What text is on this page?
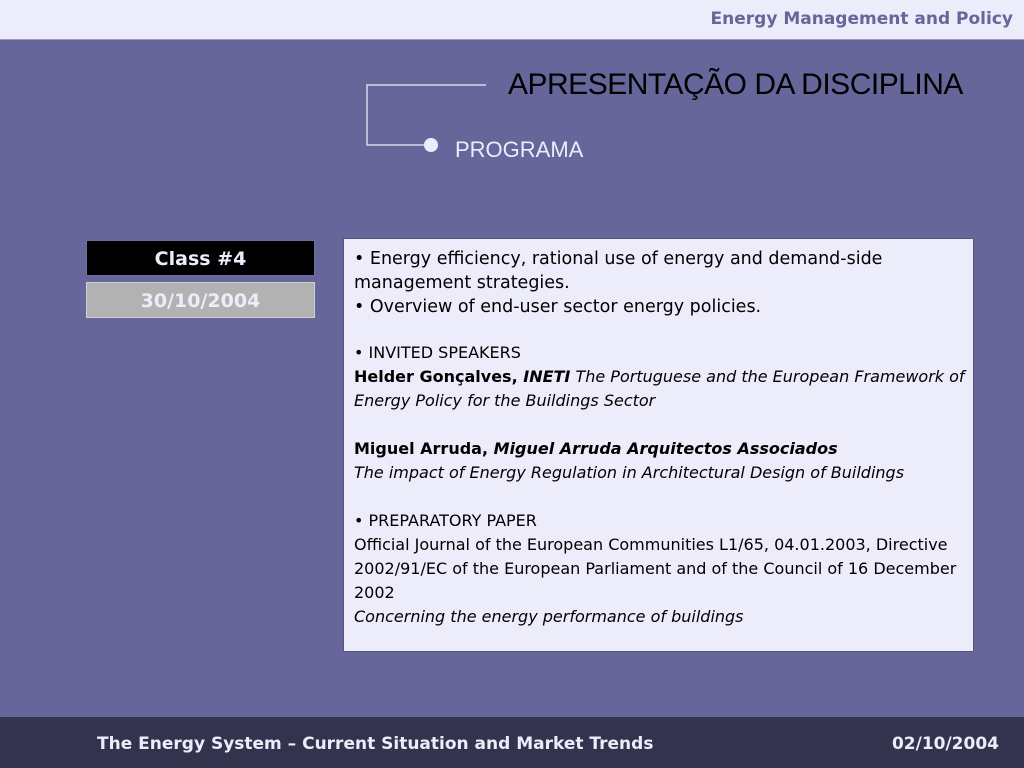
Energy Management and Policy
APRESENTAÇÃO DA DISCIPLINA
PROGRAMA
Class #4
30/10/2004

• Energy efficiency, rational use of energy and demand-side management strategies.

• Overview of end-user sector energy policies.

• INVITED SPEAKERS

Helder Gonçalves, INETI The Portuguese and the European Framework of Energy Policy for the Buildings Sector

Miguel Arruda, Miguel Arruda Arquitectos Associados

The impact of Energy Regulation in Architectural Design of Buildings

• PREPARATORY PAPER

Official Journal of the European Communities L1/65, 04.01.2003, Directive 2002/91/EC of the European Parliament and of the Council of 16 December 2002

Concerning the energy performance of buildings

The Energy System – Current Situation and Market Trends	02/10/2004
